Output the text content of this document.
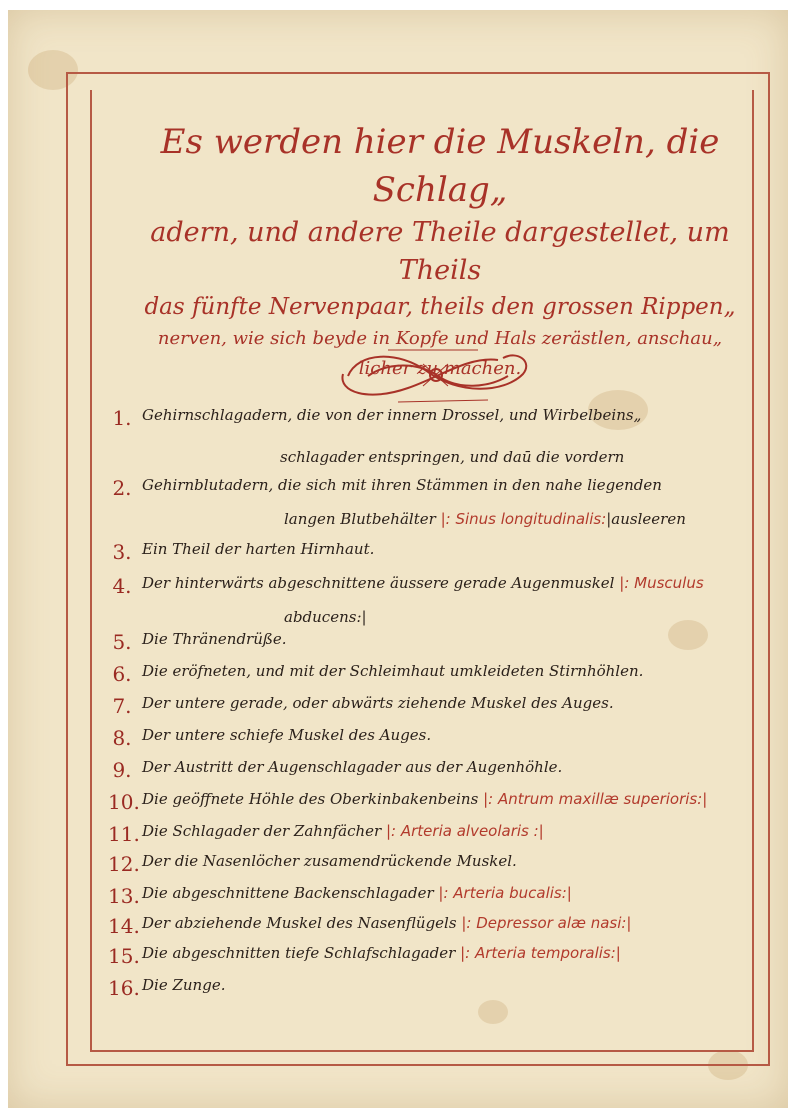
Es werden hier die Muskeln, die Schlag„
adern, und andere Theile dargestellet, um Theils
das fünfte Nervenpaar, theils den grossen Rippen„
nerven, wie sich beyde in Kopfe und Hals zerästlen, anschau„
licher zu machen.
1. Gehirnschlagadern, die von der innern Drossel, und Wirbelbeins„
schlagader entspringen, und daū die vordern
2. Gehirnblutadern, die sich mit ihren Stämmen in den nahe liegenden
langen Blutbehälter |: Sinus longitudinalis:|ausleeren
3. Ein Theil der harten Hirnhaut.
4. Der hinterwärts abgeschnittene äussere gerade Augenmuskel |: Musculus
abducens:|
5. Die Thränendrüße.
6. Die eröfneten, und mit der Schleimhaut umkleideten Stirnhöhlen.
7. Der untere gerade, oder abwärts ziehende Muskel des Auges.
8. Der untere schiefe Muskel des Auges.
9. Der Austritt der Augenschlagader aus der Augenhöhle.
10. Die geöffnete Höhle des Oberkinbakenbeins |: Antrum maxillæ superioris:|
11. Die Schlagader der Zahnfächer |: Arteria alveolaris :|
12. Der die Nasenlöcher zusamendrückende Muskel.
13. Die abgeschnittene Backenschlagader |: Arteria bucalis:|
14. Der abziehende Muskel des Nasenflügels |: Depressor alæ nasi:|
15. Die abgeschnitten tiefe Schlafschlagader |: Arteria temporalis:|
16. Die Zunge.
